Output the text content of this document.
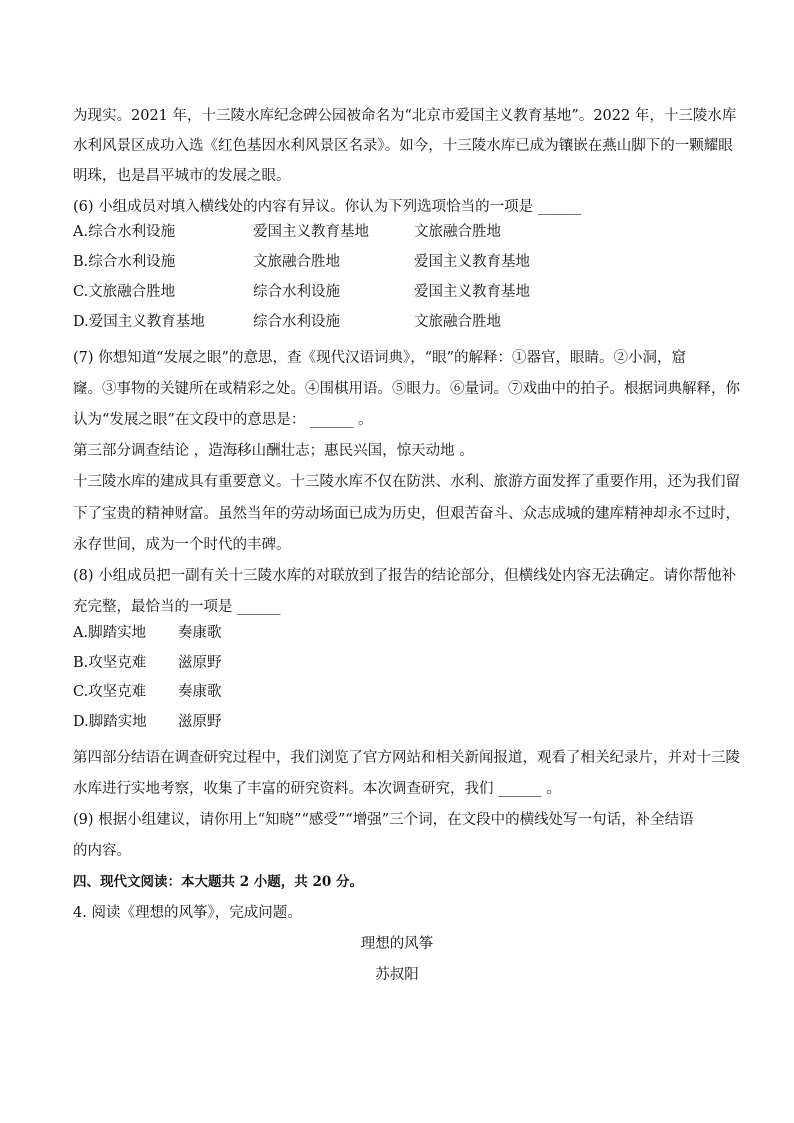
为现实。2021 年，十三陵水库纪念碑公园被命名为“北京市爱国主义教育基地”。2022 年，十三陵水库
水利风景区成功入选《红色基因水利风景区名录》。如今，十三陵水库已成为镶嵌在燕山脚下的一颗耀眼
明珠，也是昌平城市的发展之眼。
(6) 小组成员对填入横线处的内容有异议。你认为下列选项恰当的一项是 ______
A.综合水利设施	爱国主义教育基地	文旅融合胜地
B.综合水利设施	文旅融合胜地	爱国主义教育基地
C.文旅融合胜地	综合水利设施	爱国主义教育基地
D.爱国主义教育基地	综合水利设施	文旅融合胜地
(7) 你想知道“发展之眼”的意思，查《现代汉语词典》，“眼”的解释：①器官，眼睛。②小洞，窟
窿。③事物的关键所在或精彩之处。④围棋用语。⑤眼力。⑥量词。⑦戏曲中的拍子。根据词典解释，你
认为“发展之眼”在文段中的意思是： ______ 。
第三部分调查结论 ，造海移山酬壮志；惠民兴国，惊天动地 。
十三陵水库的建成具有重要意义。十三陵水库不仅在防洪、水利、旅游方面发挥了重要作用，还为我们留
下了宝贵的精神财富。虽然当年的劳动场面已成为历史，但艰苦奋斗、众志成城的建库精神却永不过时，
永存世间，成为一个时代的丰碑。
(8) 小组成员把一副有关十三陵水库的对联放到了报告的结论部分，但横线处内容无法确定。请你帮他补
充完整，最恰当的一项是 ______
A.脚踏实地 奏康歌
B.攻坚克难 滋原野
C.攻坚克难 奏康歌
D.脚踏实地 滋原野
第四部分结语在调查研究过程中，我们浏览了官方网站和相关新闻报道，观看了相关纪录片，并对十三陵
水库进行实地考察，收集了丰富的研究资料。本次调查研究，我们 ______ 。
(9) 根据小组建议，请你用上“知晓”“感受”“增强”三个词，在文段中的横线处写一句话，补全结语
的内容。
四、现代文阅读：本大题共 2 小题，共 20 分。
4. 阅读《理想的风筝》，完成问题。
理想的风筝
苏叔阳
